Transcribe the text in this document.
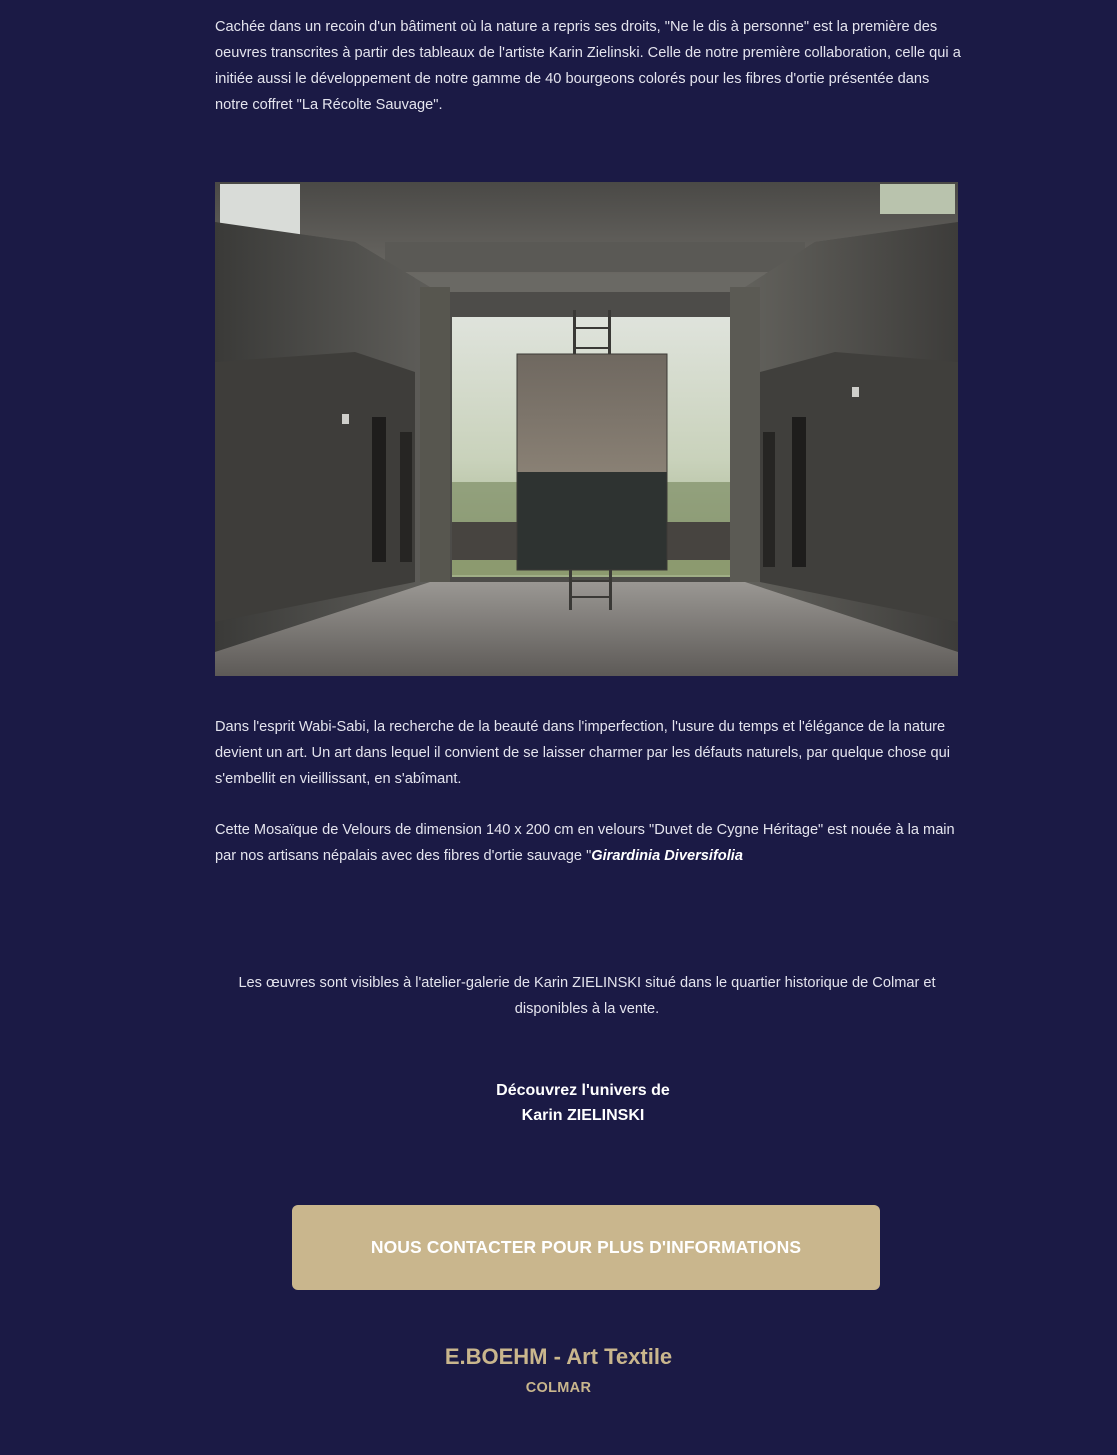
Cachée dans un recoin d'un bâtiment où la nature a repris ses droits, "Ne le dis à personne" est la première des oeuvres transcrites à partir des tableaux de l'artiste Karin Zielinski. Celle de notre première collaboration, celle qui a initiée aussi le développement de notre gamme de 40 bourgeons colorés pour les fibres d'ortie présentée dans notre coffret "La Récolte Sauvage".

Dans l'esprit Wabi-Sabi, la recherche de la beauté dans l'imperfection, l'usure du temps et l'élégance de la nature devient un art. Un art dans lequel il convient de se laisser charmer par les défauts naturels, par quelque chose qui s'embellit en vieillissant, en s'abîmant.

Cette Mosaïque de Velours de dimension 140 x 200 cm en velours "Duvet de Cygne Héritage" est nouée à la main par nos artisans népalais avec des fibres d'ortie sauvage "Girardinia Diversifolia

Les œuvres sont visibles à l'atelier-galerie de Karin ZIELINSKI situé dans le quartier historique de Colmar et disponibles à la vente.

Découvrez l'univers de
Karin ZIELINSKI
NOUS CONTACTER POUR PLUS D'INFORMATIONS
E.BOEHM - Art Textile
COLMAR
